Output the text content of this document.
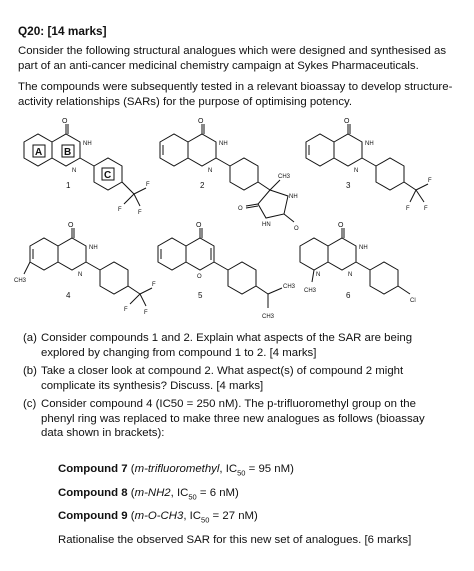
Q20: [14 marks]

Consider the following structural analogues which were designed and synthesised as part of an anti-cancer medicinal chemistry campaign at Sykes Pharmaceuticals.

The compounds were subsequently tested in a relevant bioassay to develop structure-activity relationships (SARs) for the purpose of optimising potency.

O
NH
N
F
F
F
A B
C
1
O
NH
N
CH3
NH
O
O
HN
2
O
NH
N
F
F
F
3
O
NH
N
CH3
F
F
F
4
O
O
CH3
CH3
5
O
NH
N
N
CH3
Cl
6
(a) Consider compounds 1 and 2. Explain what aspects of the SAR are being
explored by changing from compound 1 to 2. [4 marks]
(b) Take a closer look at compound 2. What aspect(s) of compound 2 might
complicate its synthesis? Discuss. [4 marks]
(c) Consider compound 4 (IC50 = 250 nM). The p-trifluoromethyl group on the
phenyl ring was replaced to make three new analogues as follows (bioassay
data shown in brackets):
Compound 7 (m-trifluoromethyl, $IC_{50} = 95$ nM)
Compound 8 (m-NH2, $IC_{50} = 6$ nM)
Compound 9 (m-O-CH3, $IC_{50} = 27$ nM)

Rationalise the observed SAR for this new set of analogues. [6 marks]
